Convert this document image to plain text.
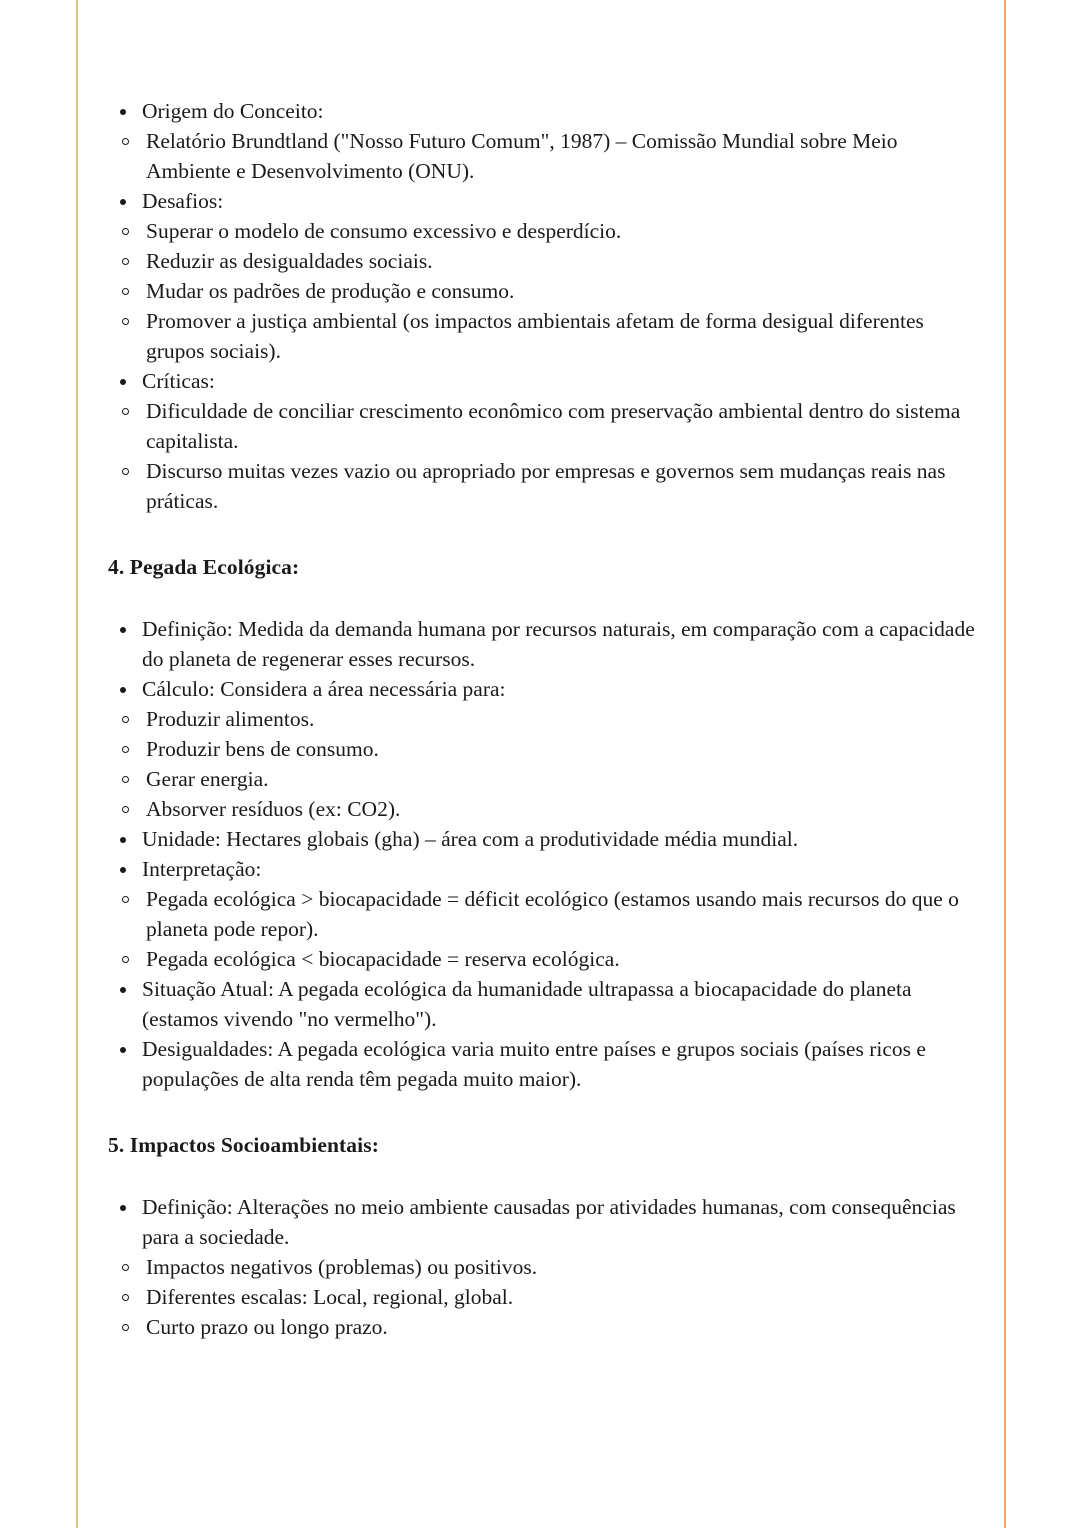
Origem do Conceito:
Relatório Brundtland ("Nosso Futuro Comum", 1987) – Comissão Mundial sobre Meio Ambiente e Desenvolvimento (ONU).
Desafios:
Superar o modelo de consumo excessivo e desperdício.
Reduzir as desigualdades sociais.
Mudar os padrões de produção e consumo.
Promover a justiça ambiental (os impactos ambientais afetam de forma desigual diferentes grupos sociais).
Críticas:
Dificuldade de conciliar crescimento econômico com preservação ambiental dentro do sistema capitalista.
Discurso muitas vezes vazio ou apropriado por empresas e governos sem mudanças reais nas práticas.
4. Pegada Ecológica:
Definição: Medida da demanda humana por recursos naturais, em comparação com a capacidade do planeta de regenerar esses recursos.
Cálculo: Considera a área necessária para:
Produzir alimentos.
Produzir bens de consumo.
Gerar energia.
Absorver resíduos (ex: CO2).
Unidade: Hectares globais (gha) – área com a produtividade média mundial.
Interpretação:
Pegada ecológica > biocapacidade = déficit ecológico (estamos usando mais recursos do que o planeta pode repor).
Pegada ecológica < biocapacidade = reserva ecológica.
Situação Atual: A pegada ecológica da humanidade ultrapassa a biocapacidade do planeta (estamos vivendo "no vermelho").
Desigualdades: A pegada ecológica varia muito entre países e grupos sociais (países ricos e populações de alta renda têm pegada muito maior).
5. Impactos Socioambientais:
Definição: Alterações no meio ambiente causadas por atividades humanas, com consequências para a sociedade.
Impactos negativos (problemas) ou positivos.
Diferentes escalas: Local, regional, global.
Curto prazo ou longo prazo.
